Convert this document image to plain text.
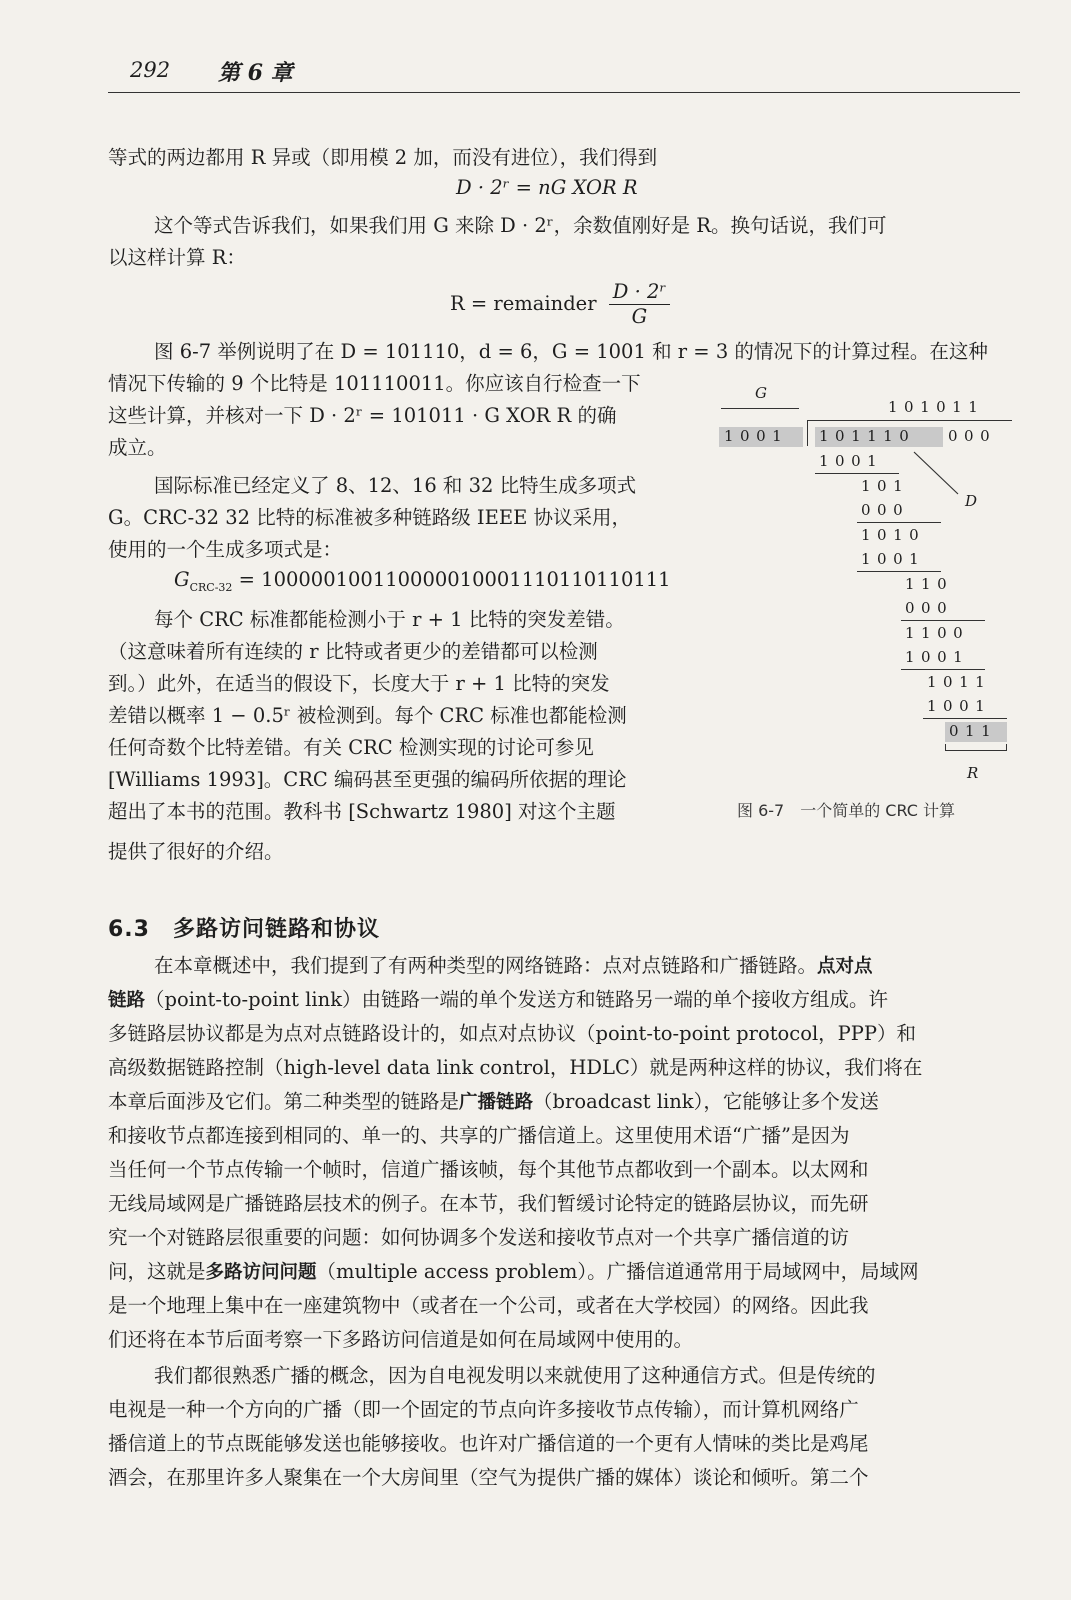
292 第 6 章
等式的两边都用 R 异或（即用模 2 加，而没有进位），我们得到
D · 2ʳ = nG XOR R
这个等式告诉我们，如果我们用 G 来除 D · 2ʳ，余数值刚好是 R。换句话说，我们可
以这样计算 R：
R = remainder $\frac{\text{D · 2ʳ}}{G}$
图 6-7 举例说明了在 D = 101110，d = 6，G = 1001 和 r = 3 的情况下的计算过程。在这种
情况下传输的 9 个比特是 101110011。你应该自行检查一下
这些计算，并核对一下 D · 2ʳ = 101011 · G XOR R 的确
成立。
国际标准已经定义了 8、12、16 和 32 比特生成多项式
G。CRC-32 32 比特的标准被多种链路级 IEEE 协议采用，
使用的一个生成多项式是：
$G_{CRC-32} = 100000100110000010001110110110111$
每个 CRC 标准都能检测小于 r + 1 比特的突发差错。
（这意味着所有连续的 r 比特或者更少的差错都可以检测
到。）此外，在适当的假设下，长度大于 r + 1 比特的突发
差错以概率 1 − 0.5ʳ 被检测到。每个 CRC 标准也都能检测
任何奇数个比特差错。有关 CRC 检测实现的讨论可参见
[Williams 1993]。CRC 编码甚至更强的编码所依据的理论
超出了本书的范围。教科书 [Schwartz 1980] 对这个主题
提供了很好的介绍。
G
101011
1001 101110 000
1001
101
000
1010
1001
110
000
1100
1001
1011
1001
011
R
D
图 6-7　一个简单的 CRC 计算
6.3　多路访问链路和协议
在本章概述中，我们提到了有两种类型的网络链路：点对点链路和广播链路。点对点
链路（point-to-point link）由链路一端的单个发送方和链路另一端的单个接收方组成。许
多链路层协议都是为点对点链路设计的，如点对点协议（point-to-point protocol，PPP）和
高级数据链路控制（high-level data link control，HDLC）就是两种这样的协议，我们将在
本章后面涉及它们。第二种类型的链路是广播链路（broadcast link），它能够让多个发送
和接收节点都连接到相同的、单一的、共享的广播信道上。这里使用术语“广播”是因为
当任何一个节点传输一个帧时，信道广播该帧，每个其他节点都收到一个副本。以太网和
无线局域网是广播链路层技术的例子。在本节，我们暂缓讨论特定的链路层协议，而先研
究一个对链路层很重要的问题：如何协调多个发送和接收节点对一个共享广播信道的访
问，这就是多路访问问题（multiple access problem）。广播信道通常用于局域网中，局域网
是一个地理上集中在一座建筑物中（或者在一个公司，或者在大学校园）的网络。因此我
们还将在本节后面考察一下多路访问信道是如何在局域网中使用的。
我们都很熟悉广播的概念，因为自电视发明以来就使用了这种通信方式。但是传统的
电视是一种一个方向的广播（即一个固定的节点向许多接收节点传输），而计算机网络广
播信道上的节点既能够发送也能够接收。也许对广播信道的一个更有人情味的类比是鸡尾
酒会，在那里许多人聚集在一个大房间里（空气为提供广播的媒体）谈论和倾听。第二个
